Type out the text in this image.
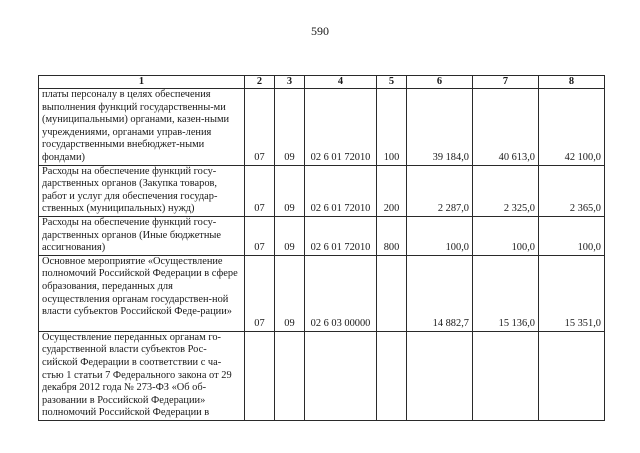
590
1	2	3	4	5	6	7	8
платы персоналу в целях обеспечения выполнения функций государственны-ми (муниципальными) органами, казен-ными учреждениями, органами управ-ления государственными внебюджет-ными фондами)	07	09	02 6 01 72010	100	39 184,0	40 613,0	42 100,0
Расходы на обеспечение функций госу-дарственных органов (Закупка товаров, работ и услуг для обеспечения государ-ственных (муниципальных) нужд)	07	09	02 6 01 72010	200	2 287,0	2 325,0	2 365,0
Расходы на обеспечение функций госу-дарственных органов (Иные бюджетные ассигнования)	07	09	02 6 01 72010	800	100,0	100,0	100,0
Основное мероприятие «Осуществление полномочий Российской Федерации в сфере образования, переданных для осуществления органам государствен-ной власти субъектов Российской Феде-рации»	07	09	02 6 03 00000		14 882,7	15 136,0	15 351,0
Осуществление переданных органам го-сударственной власти субъектов Рос-сийской Федерации в соответствии с ча-стью 1 статьи 7 Федерального закона от 29 декабря 2012 года № 273-ФЗ «Об об-разовании в Российской Федерации» полномочий Российской Федерации в							
